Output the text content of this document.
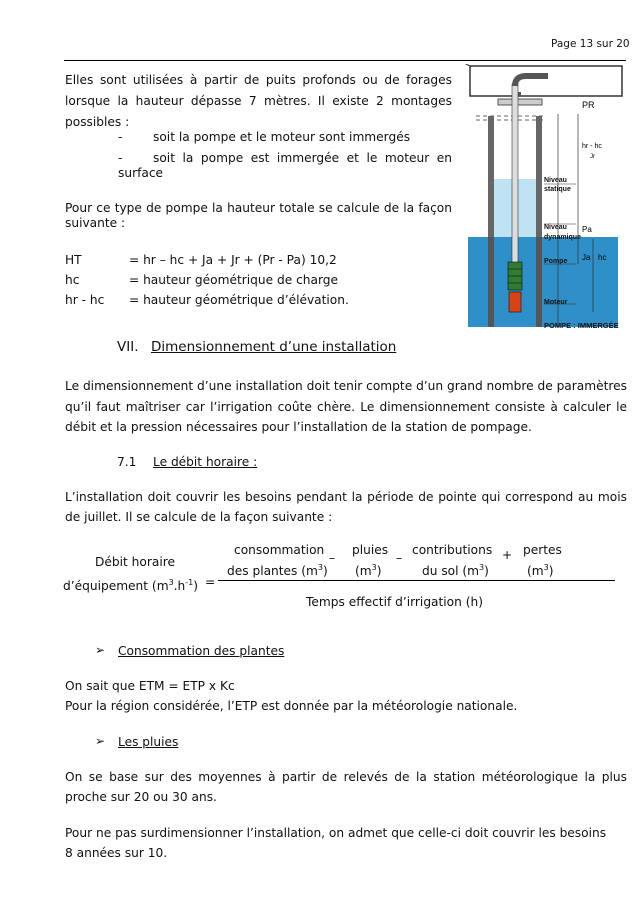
Page 13 sur 20
Elles sont utilisées à partir de puits profonds ou de forages
lorsque la hauteur dépasse 7 mètres. Il existe 2 montages
possibles :
-	soit la pompe et le moteur sont immergés
-	soit la pompe est immergée et le moteur en
surface
Pour ce type de pompe la hauteur totale se calcule de la façon
suivante :
HT	= hr – hc + Ja + Jr + (Pr - Pa) 10,2
hc	= hauteur géométrique de charge
hr - hc = hauteur géométrique d’élévation.
PR
hr - hc
Jr
Niveau
statique
Pa
Niveau
dynamique
Pompe Ja hc
Moteur
POMPE : IMMERGÉE
VII. Dimensionnement d’une installation
Le dimensionnement d’une installation doit tenir compte d’un grand nombre de paramètres
qu’il faut maîtriser car l’irrigation coûte chère. Le dimensionnement consiste à calculer le
débit et la pression nécessaires pour l’installation de la station de pompage.
7.1 Le débit horaire :
L’installation doit couvrir les besoins pendant la période de pointe qui correspond au mois
de juillet. Il se calcule de la façon suivante :
Débit horaire
d’équipement $(m^3.h^{-1})$ =
consommation
des plantes $(m^3)$
–
pluies
$(m^3)$
–
contributions
du sol $(m^3)$
+ pertes
$(m^3)$
Temps effectif d’irrigation (h)
➢ Consommation des plantes
On sait que ETM = ETP x Kc
Pour la région considérée, l’ETP est donnée par la météorologie nationale.
➢ Les pluies
On se base sur des moyennes à partir de relevés de la station météorologique la plus
proche sur 20 ou 30 ans.
Pour ne pas surdimensionner l’installation, on admet que celle-ci doit couvrir les besoins
8 années sur 10.
